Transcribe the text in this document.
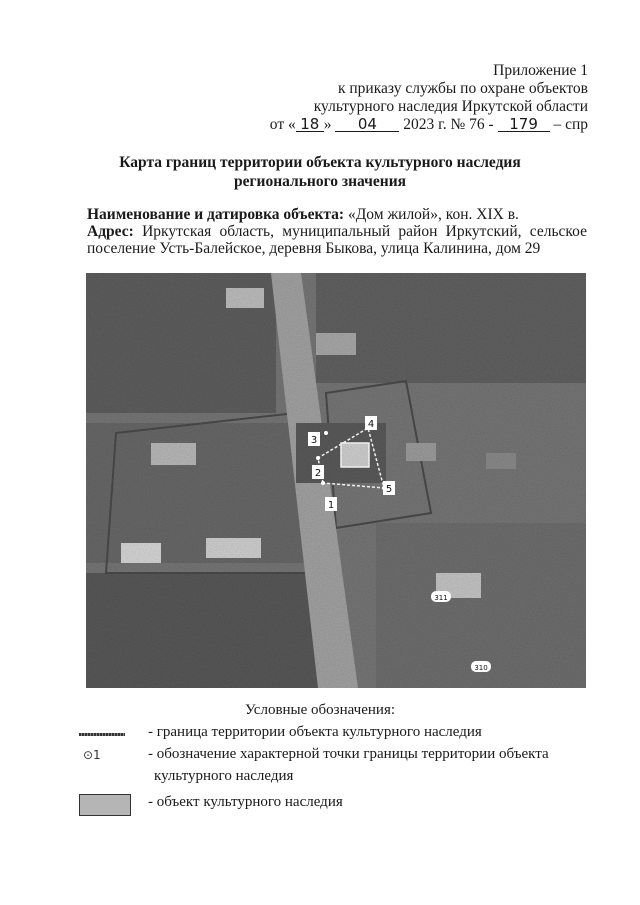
Приложение 1
к приказу службы по охране объектов
культурного наследия Иркутской области
от « 18 » 04 2023 г. № 76 - 179 – спр
Карта границ территории объекта культурного наследия
регионального значения
Наименование и датировка объекта: «Дом жилой», кон. XIX в.
Адрес: Иркутская область, муниципальный район Иркутский, сельское поселение Усть-Балейское, деревня Быкова, улица Калинина, дом 29
1
2
3
4
5
311
310
Условные обозначения:
- граница территории объекта культурного наследия
⊙1	- обозначение характерной точки границы территории объекта
культурного наследия
- объект культурного наследия
